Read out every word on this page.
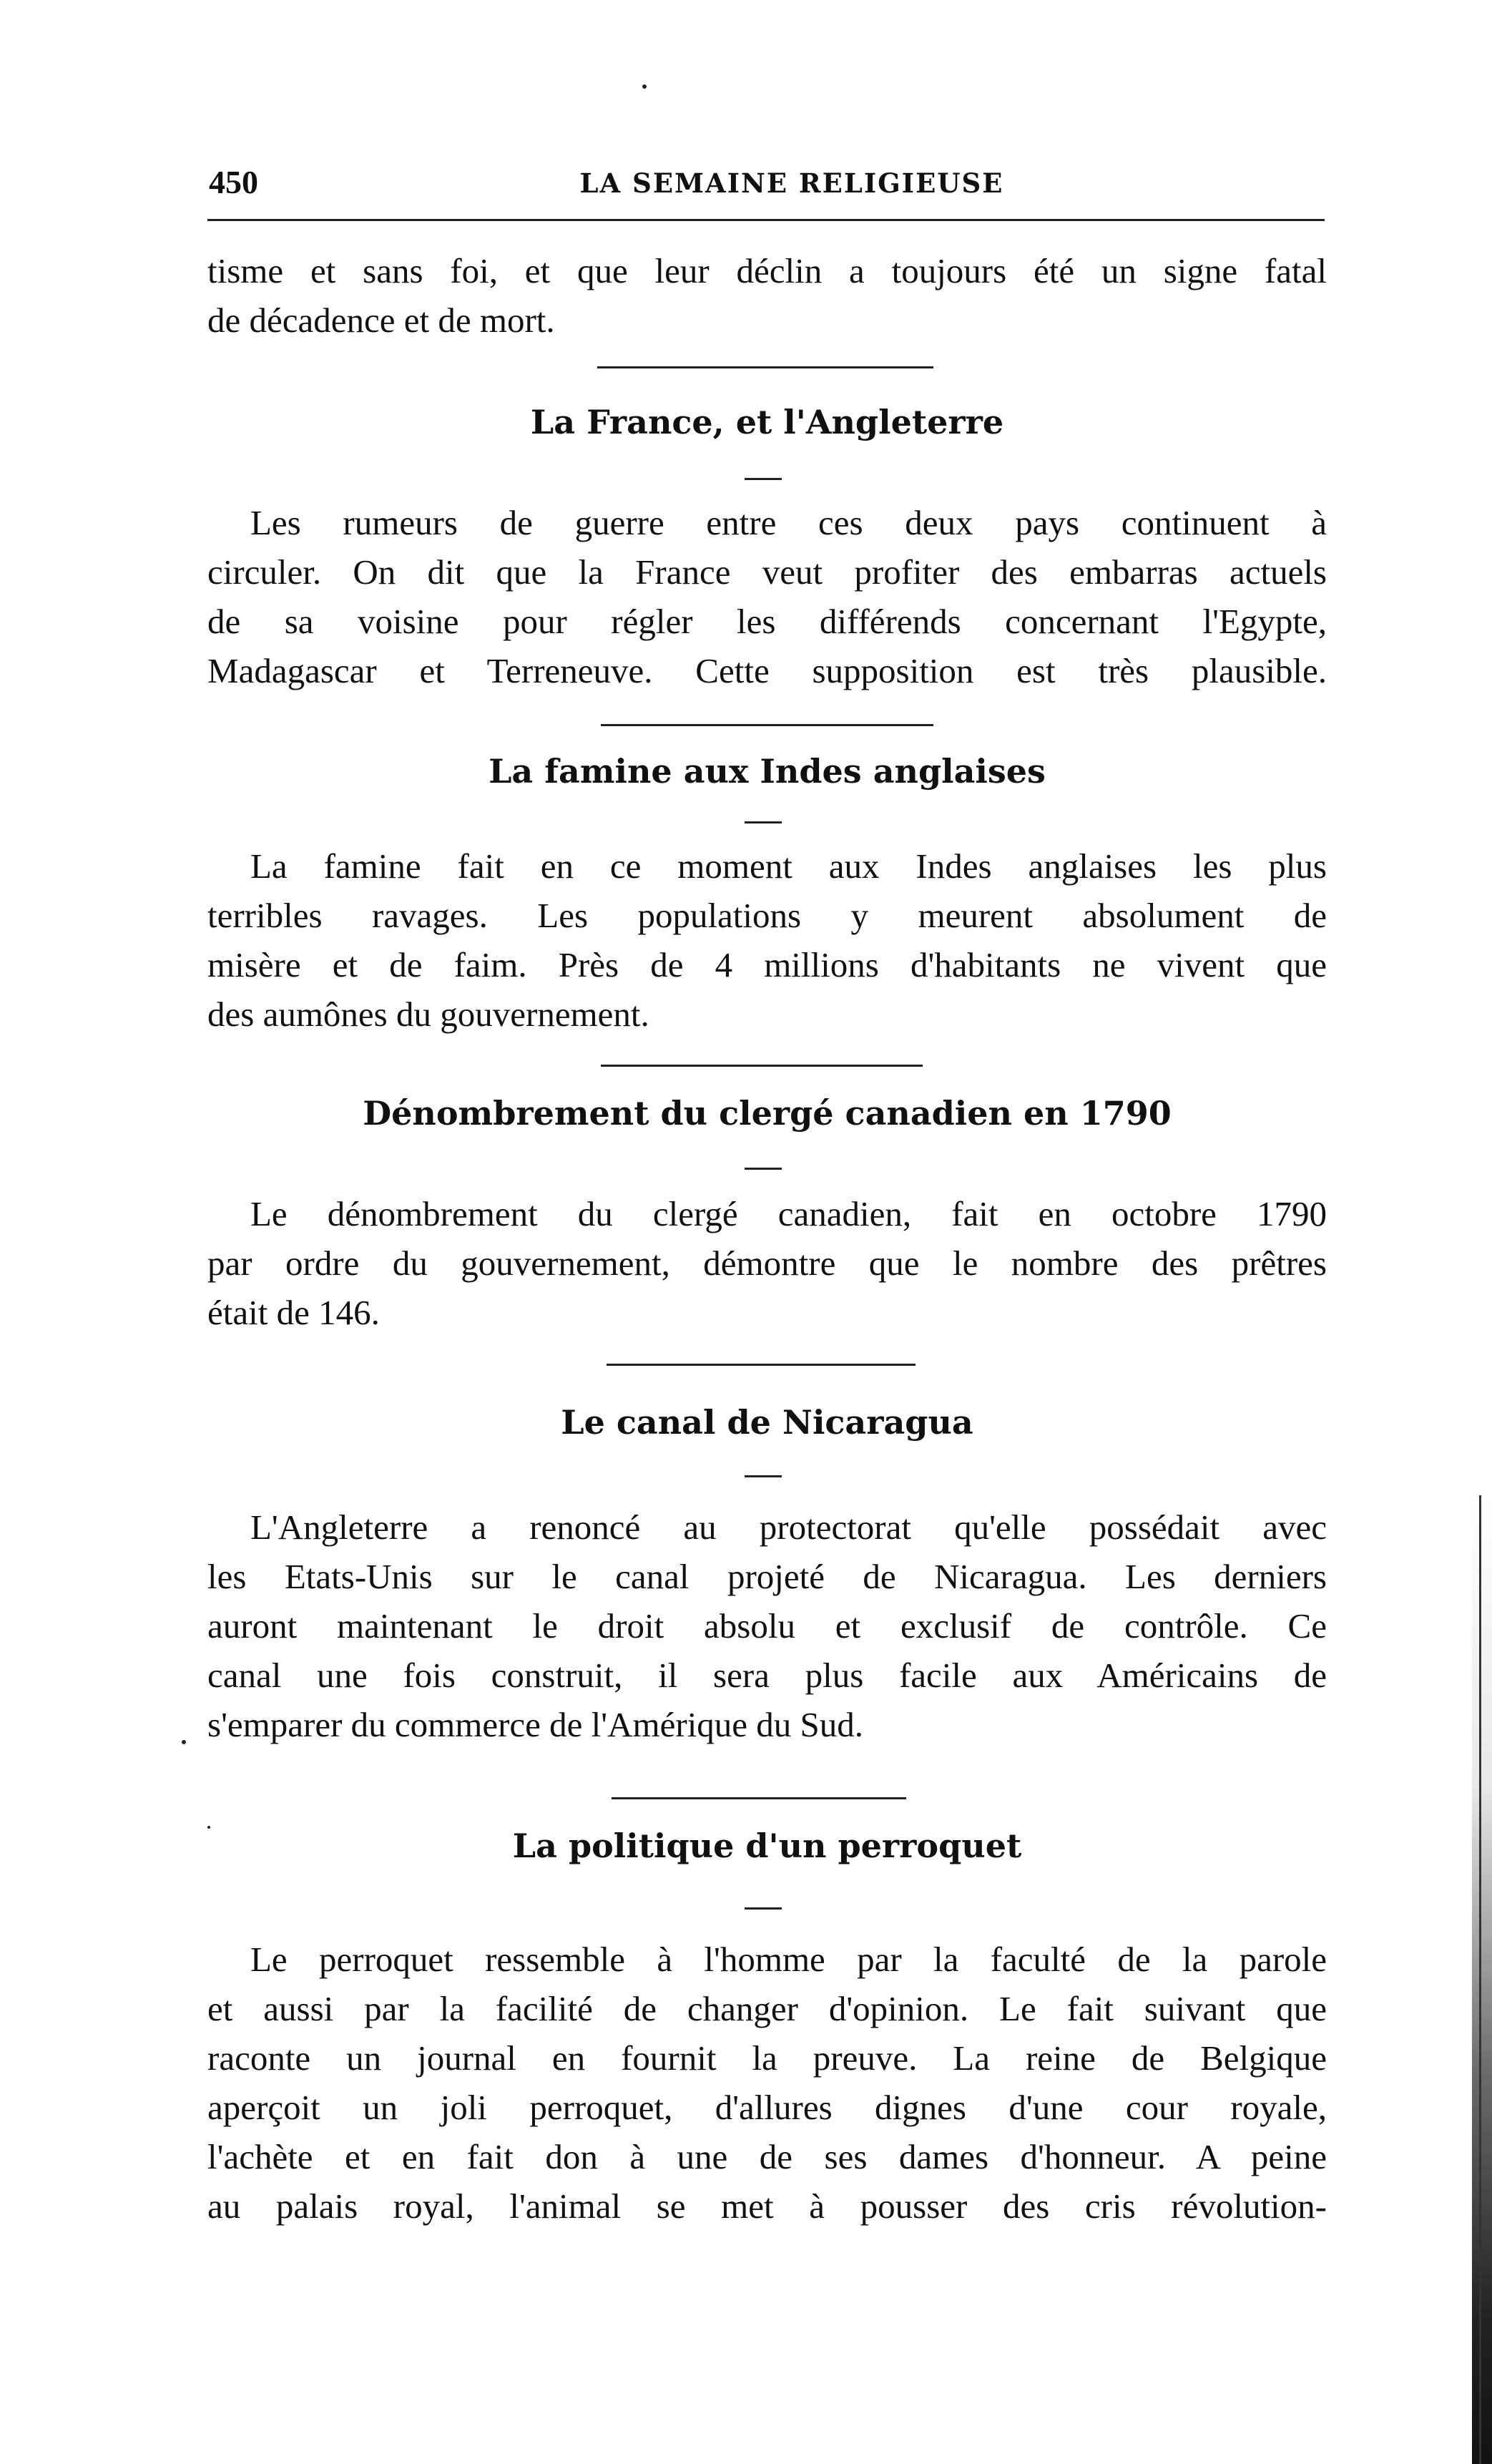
450	LA SEMAINE RELIGIEUSE

tisme et sans foi, et que leur déclin a toujours été un signe fatal

de décadence et de mort.

La France, et l'Angleterre

Les rumeurs de guerre entre ces deux pays continuent à

circuler. On dit que la France veut profiter des embarras actuels

de sa voisine pour régler les différends concernant l'Egypte,

Madagascar et Terreneuve. Cette supposition est très plausible.

La famine aux Indes anglaises

La famine fait en ce moment aux Indes anglaises les plus

terribles ravages. Les populations y meurent absolument de

misère et de faim. Près de 4 millions d'habitants ne vivent que

des aumônes du gouvernement.

Dénombrement du clergé canadien en 1790

Le dénombrement du clergé canadien, fait en octobre 1790

par ordre du gouvernement, démontre que le nombre des prêtres

était de 146.

Le canal de Nicaragua

L'Angleterre a renoncé au protectorat qu'elle possédait avec

les Etats-Unis sur le canal projeté de Nicaragua. Les derniers

auront maintenant le droit absolu et exclusif de contrôle. Ce

canal une fois construit, il sera plus facile aux Américains de

s'emparer du commerce de l'Amérique du Sud.

La politique d'un perroquet

Le perroquet ressemble à l'homme par la faculté de la parole

et aussi par la facilité de changer d'opinion. Le fait suivant que

raconte un journal en fournit la preuve. La reine de Belgique

aperçoit un joli perroquet, d'allures dignes d'une cour royale,

l'achète et en fait don à une de ses dames d'honneur. A peine

au palais royal, l'animal se met à pousser des cris révolution-
